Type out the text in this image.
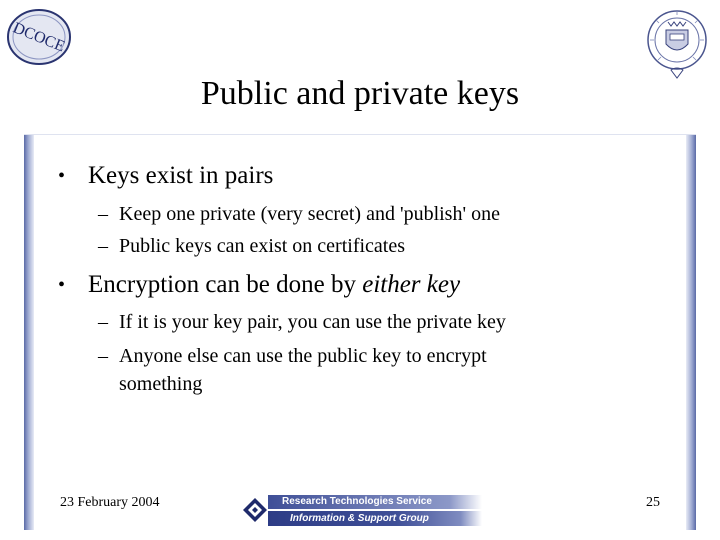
DCOCE
Public and private keys
• Keys exist in pairs
– Keep one private (very secret) and 'publish' one
– Public keys can exist on certificates
• Encryption can be done by either key
– If it is your key pair, you can use the private key
– Anyone else can use the public key to encrypt something
23 February 2004	Research Technologies Service
Information & Support Group
25
